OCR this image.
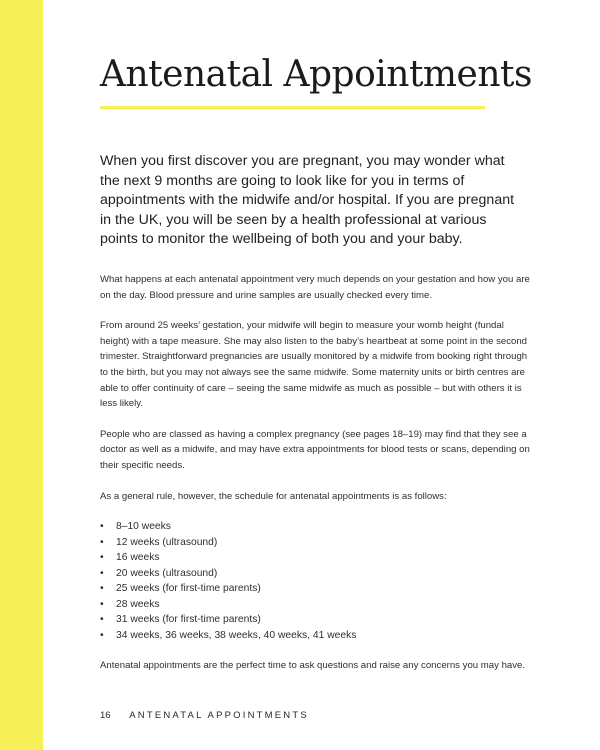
Antenatal Appointments

When you first discover you are pregnant, you may wonder what the next 9 months are going to look like for you in terms of appointments with the midwife and/or hospital. If you are pregnant in the UK, you will be seen by a health professional at various points to monitor the wellbeing of both you and your baby.

What happens at each antenatal appointment very much depends on your gestation and how you are on the day. Blood pressure and urine samples are usually checked every time.

From around 25 weeks’ gestation, your midwife will begin to measure your womb height (fundal height) with a tape measure. She may also listen to the baby’s heartbeat at some point in the second trimester. Straightforward pregnancies are usually monitored by a midwife from booking right through to the birth, but you may not always see the same midwife. Some maternity units or birth centres are able to offer continuity of care – seeing the same midwife as much as possible – but with others it is less likely.

People who are classed as having a complex pregnancy (see pages 18–19) may find that they see a doctor as well as a midwife, and may have extra appointments for blood tests or scans, depending on their specific needs.

As a general rule, however, the schedule for antenatal appointments is as follows:

• 8–10 weeks
• 12 weeks (ultrasound)
• 16 weeks
• 20 weeks (ultrasound)
• 25 weeks (for first-time parents)
• 28 weeks
• 31 weeks (for first-time parents)
• 34 weeks, 36 weeks, 38 weeks, 40 weeks, 41 weeks

Antenatal appointments are the perfect time to ask questions and raise any concerns you may have.

16 ANTENATAL APPOINTMENTS
